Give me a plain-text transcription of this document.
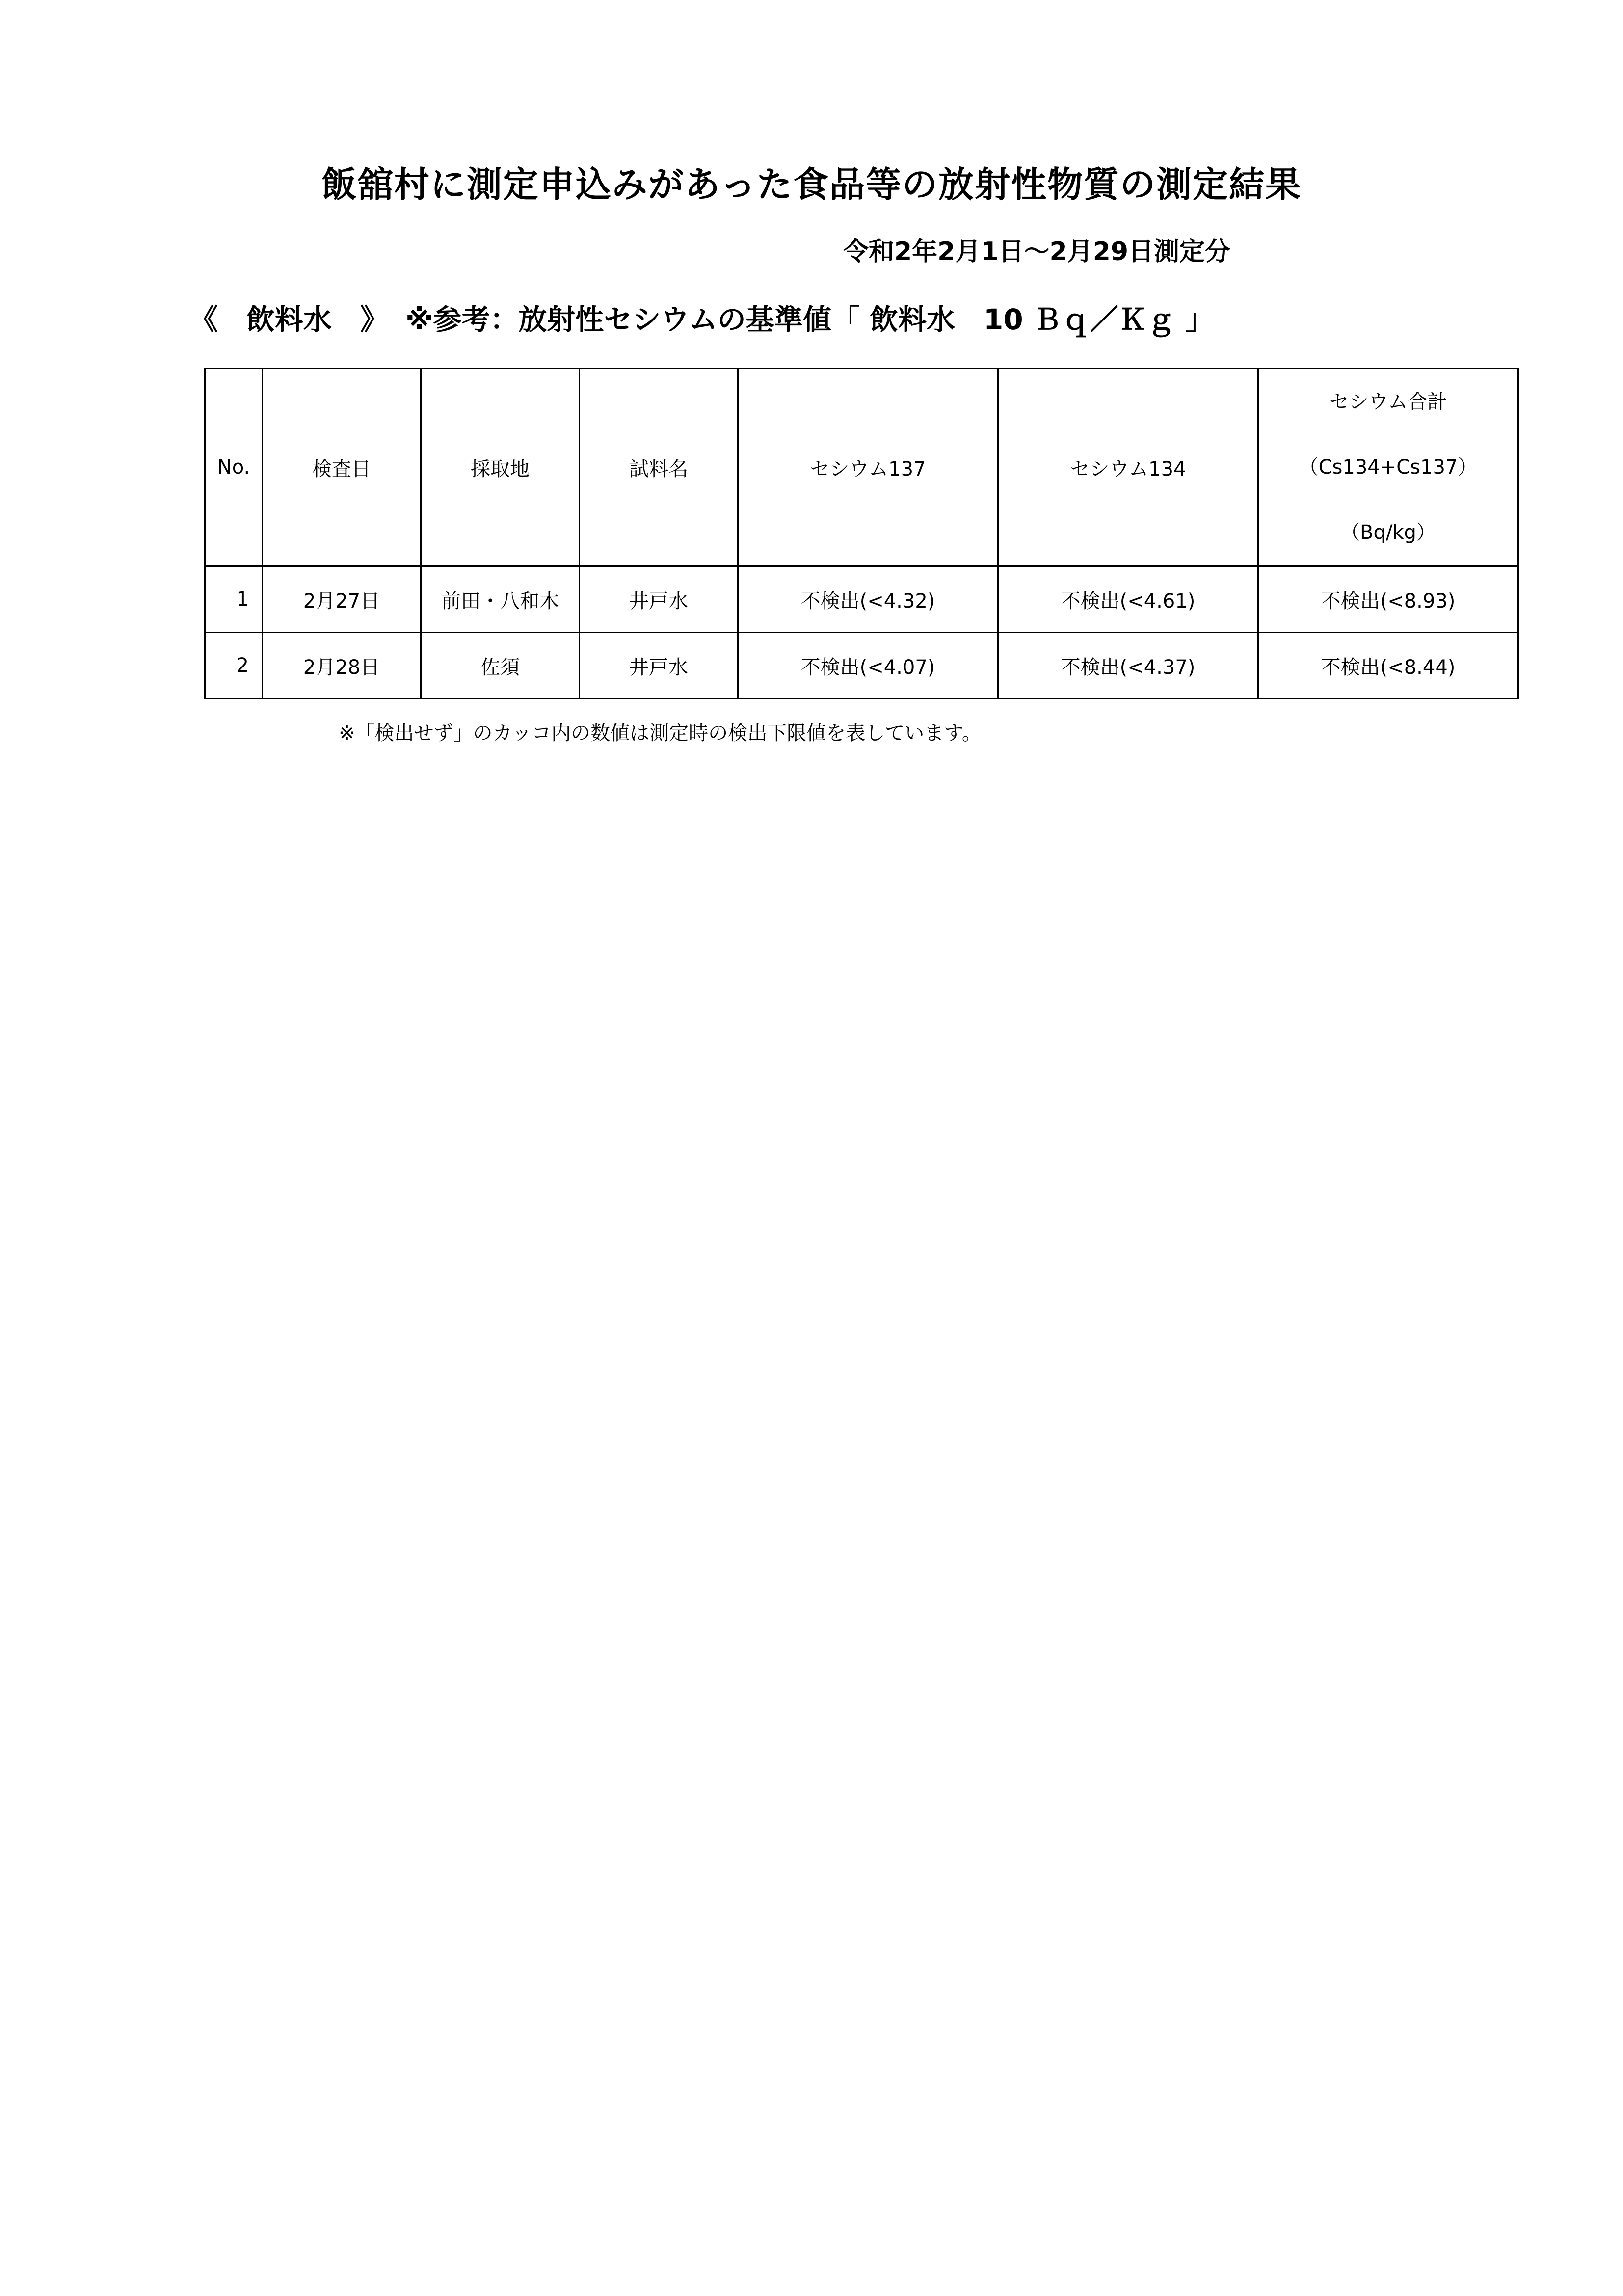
飯舘村に測定申込みがあった食品等の放射性物質の測定結果
令和2年2月1日～2月29日測定分
《　飲料水　》 ※参考：放射性セシウムの基準値「 飲料水　10 Ｂｑ／Ｋｇ 」
No.	検査日	採取地	試料名	セシウム137	セシウム134	セシウム合計
（Cs134+Cs137）
（Bq/kg）

1	2月27日	前田・八和木	井戸水	不検出(<4.32)	不検出(<4.61)	不検出(<8.93)
2	2月28日	佐須	井戸水	不検出(<4.07)	不検出(<4.37)	不検出(<8.44)
※「検出せず」のカッコ内の数値は測定時の検出下限値を表しています。
